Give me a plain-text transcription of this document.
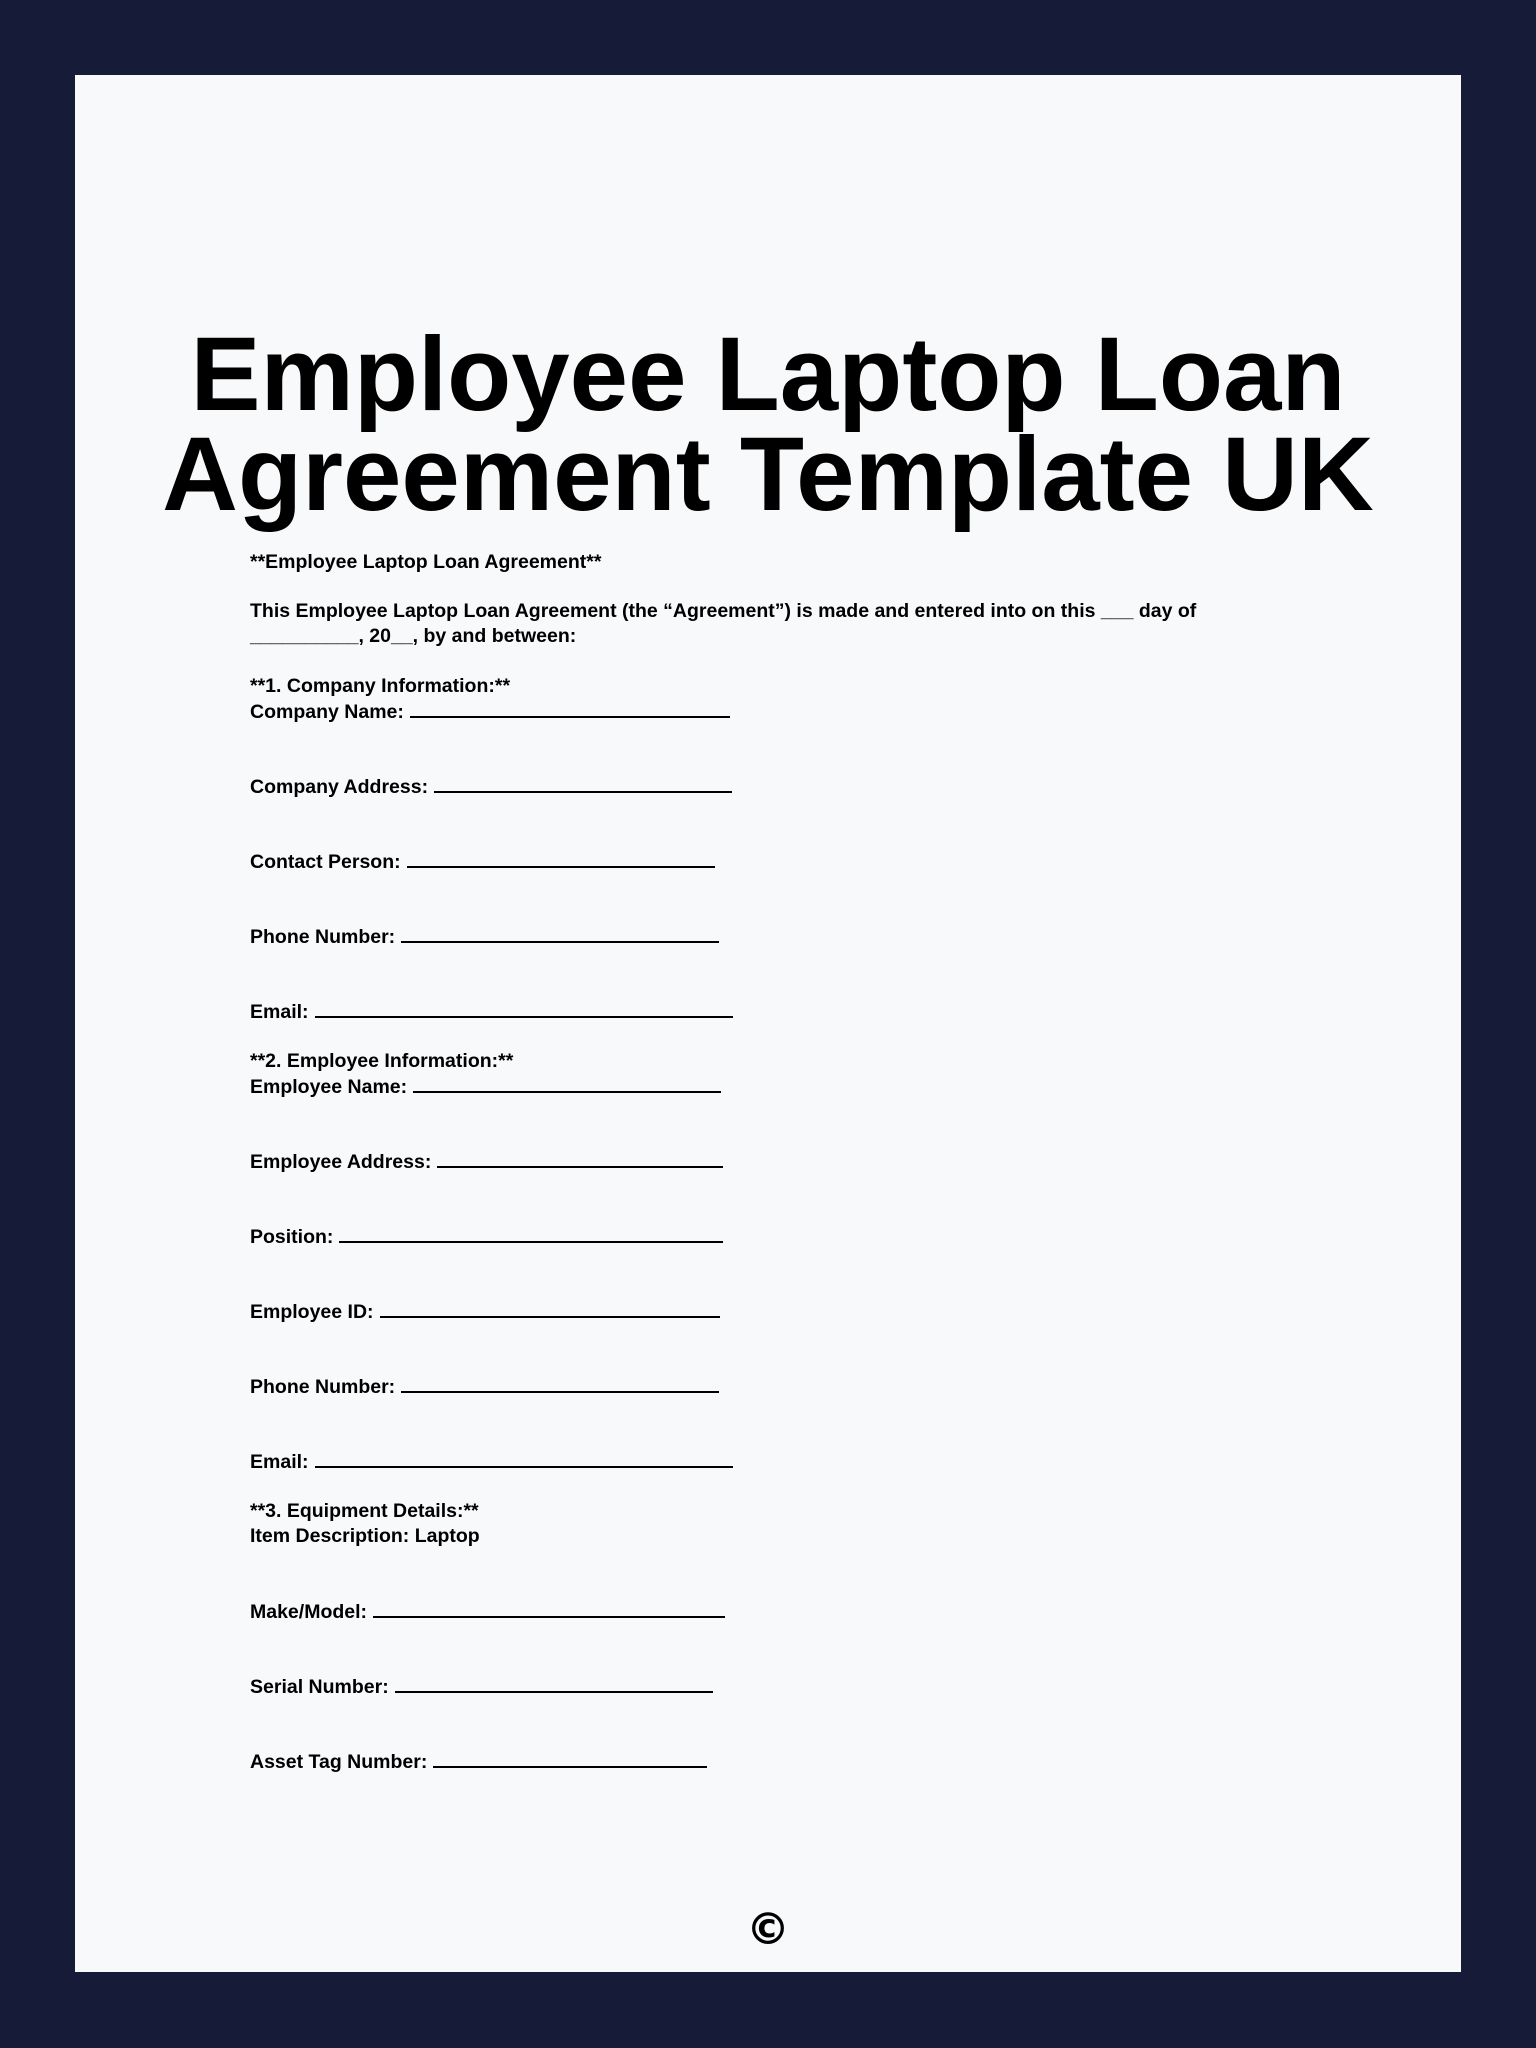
Employee Laptop Loan
Agreement Template UK
**Employee Laptop Loan Agreement**
This Employee Laptop Loan Agreement (the “Agreement”) is made and entered into on this ___ day of
__________, 20__, by and between:
**1. Company Information:**
Company Name:
Company Address:
Contact Person:
Phone Number:
Email:
**2. Employee Information:**
Employee Name:
Employee Address:
Position:
Employee ID:
Phone Number:
Email:
**3. Equipment Details:**
Item Description: Laptop
Make/Model:
Serial Number:
Asset Tag Number:
©
